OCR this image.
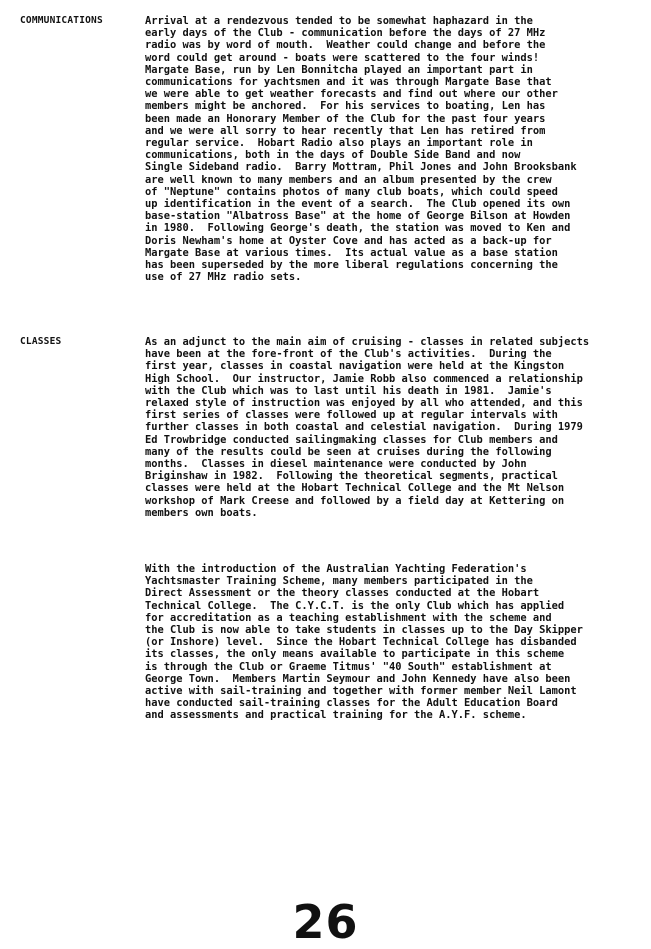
COMMUNICATIONS	Arrival at a rendezvous tended to be somewhat haphazard in the
early days of the Club - communication before the days of 27 MHz
radio was by word of mouth.  Weather could change and before the
word could get around - boats were scattered to the four winds!
Margate Base, run by Len Bonnitcha played an important part in
communications for yachtsmen and it was through Margate Base that
we were able to get weather forecasts and find out where our other
members might be anchored.  For his services to boating, Len has
been made an Honorary Member of the Club for the past four years
and we were all sorry to hear recently that Len has retired from
regular service.  Hobart Radio also plays an important role in
communications, both in the days of Double Side Band and now
Single Sideband radio.  Barry Mottram, Phil Jones and John Brooksbank
are well known to many members and an album presented by the crew
of "Neptune" contains photos of many club boats, which could speed
up identification in the event of a search.  The Club opened its own
base-station "Albatross Base" at the home of George Bilson at Howden
in 1980.  Following George's death, the station was moved to Ken and
Doris Newham's home at Oyster Cove and has acted as a back-up for
Margate Base at various times.  Its actual value as a base station
has been superseded by the more liberal regulations concerning the
use of 27 MHz radio sets.

CLASSES	As an adjunct to the main aim of cruising - classes in related subjects
have been at the fore-front of the Club's activities.  During the
first year, classes in coastal navigation were held at the Kingston
High School.  Our instructor, Jamie Robb also commenced a relationship
with the Club which was to last until his death in 1981.  Jamie's
relaxed style of instruction was enjoyed by all who attended, and this
first series of classes were followed up at regular intervals with
further classes in both coastal and celestial navigation.  During 1979
Ed Trowbridge conducted sailingmaking classes for Club members and
many of the results could be seen at cruises during the following
months.  Classes in diesel maintenance were conducted by John
Briginshaw in 1982.  Following the theoretical segments, practical
classes were held at the Hobart Technical College and the Mt Nelson
workshop of Mark Creese and followed by a field day at Kettering on
members own boats.

With the introduction of the Australian Yachting Federation's
Yachtsmaster Training Scheme, many members participated in the
Direct Assessment or the theory classes conducted at the Hobart
Technical College.  The C.Y.C.T. is the only Club which has applied
for accreditation as a teaching establishment with the scheme and
the Club is now able to take students in classes up to the Day Skipper
(or Inshore) level.  Since the Hobart Technical College has disbanded
its classes, the only means available to participate in this scheme
is through the Club or Graeme Titmus' "40 South" establishment at
George Town.  Members Martin Seymour and John Kennedy have also been
active with sail-training and together with former member Neil Lamont
have conducted sail-training classes for the Adult Education Board
and assessments and practical training for the A.Y.F. scheme.

26
